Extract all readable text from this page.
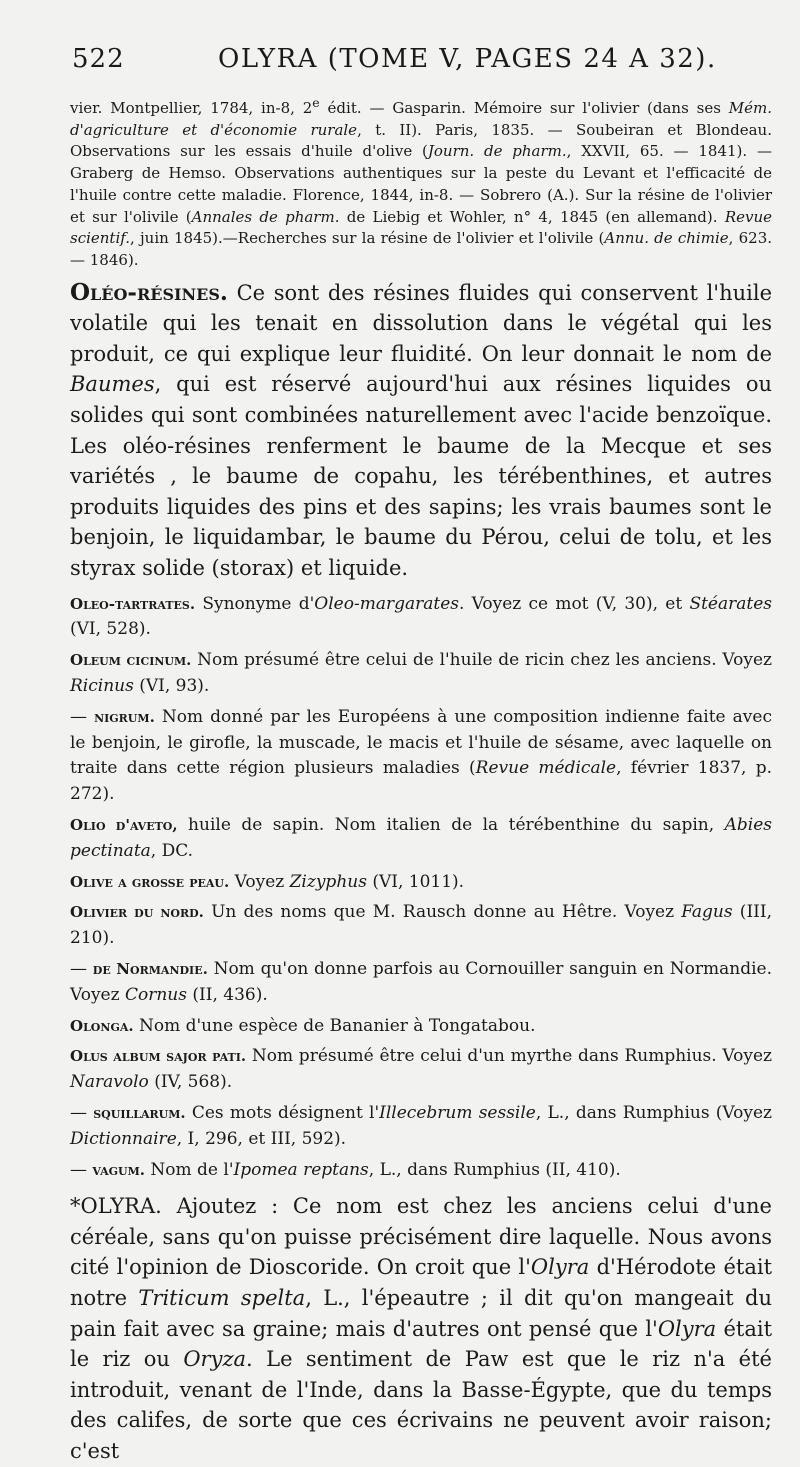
522	OLYRA (TOME V, PAGES 24 A 32).

vier. Montpellier, 1784, in-8, 2e édit. — Gasparin. Mémoire sur l'olivier (dans ses Mém. d'agriculture et d'économie rurale, t. II). Paris, 1835. — Soubeiran et Blondeau. Observations sur les essais d'huile d'olive (Journ. de pharm., XXVII, 65. — 1841). — Graberg de Hemso. Observations authentiques sur la peste du Levant et l'efficacité de l'huile contre cette maladie. Florence, 1844, in-8. — Sobrero (A.). Sur la résine de l'olivier et sur l'olivile (Annales de pharm. de Liebig et Wohler, n° 4, 1845 (en allemand). Revue scientif., juin 1845).—Recherches sur la résine de l'olivier et l'olivile (Annu. de chimie, 623. — 1846).

Oléo-résines. Ce sont des résines fluides qui conservent l'huile volatile qui les tenait en dissolution dans le végétal qui les produit, ce qui explique leur fluidité. On leur donnait le nom de Baumes, qui est réservé aujourd'hui aux résines liquides ou solides qui sont combinées naturellement avec l'acide benzoïque. Les oléo-résines renferment le baume de la Mecque et ses variétés , le baume de copahu, les térébenthines, et autres produits liquides des pins et des sapins; les vrais baumes sont le benjoin, le liquidambar, le baume du Pérou, celui de tolu, et les styrax solide (storax) et liquide.

Oleo-tartrates. Synonyme d'Oleo-margarates. Voyez ce mot (V, 30), et Stéarates (VI, 528).

Oleum cicinum. Nom présumé être celui de l'huile de ricin chez les anciens. Voyez Ricinus (VI, 93).

— nigrum. Nom donné par les Européens à une composition indienne faite avec le benjoin, le girofle, la muscade, le macis et l'huile de sésame, avec laquelle on traite dans cette région plusieurs maladies (Revue médicale, février 1837, p. 272).

Olio d'aveto, huile de sapin. Nom italien de la térébenthine du sapin, Abies pectinata, DC.

Olive a grosse peau. Voyez Zizyphus (VI, 1011).

Olivier du nord. Un des noms que M. Rausch donne au Hêtre. Voyez Fagus (III, 210).

— de Normandie. Nom qu'on donne parfois au Cornouiller sanguin en Normandie. Voyez Cornus (II, 436).

Olonga. Nom d'une espèce de Bananier à Tongatabou.

Olus album sajor pati. Nom présumé être celui d'un myrthe dans Rumphius. Voyez Naravolo (IV, 568).

— squillarum. Ces mots désignent l'Illecebrum sessile, L., dans Rumphius (Voyez Dictionnaire, I, 296, et III, 592).

— vagum. Nom de l'Ipomea reptans, L., dans Rumphius (II, 410).

*OLYRA. Ajoutez : Ce nom est chez les anciens celui d'une céréale, sans qu'on puisse précisément dire laquelle. Nous avons cité l'opinion de Dioscoride. On croit que l'Olyra d'Hérodote était notre Triticum spelta, L., l'épeautre ; il dit qu'on mangeait du pain fait avec sa graine; mais d'autres ont pensé que l'Olyra était le riz ou Oryza. Le sentiment de Paw est que le riz n'a été introduit, venant de l'Inde, dans la Basse-Égypte, que du temps des califes, de sorte que ces écrivains ne peuvent avoir raison; c'est
